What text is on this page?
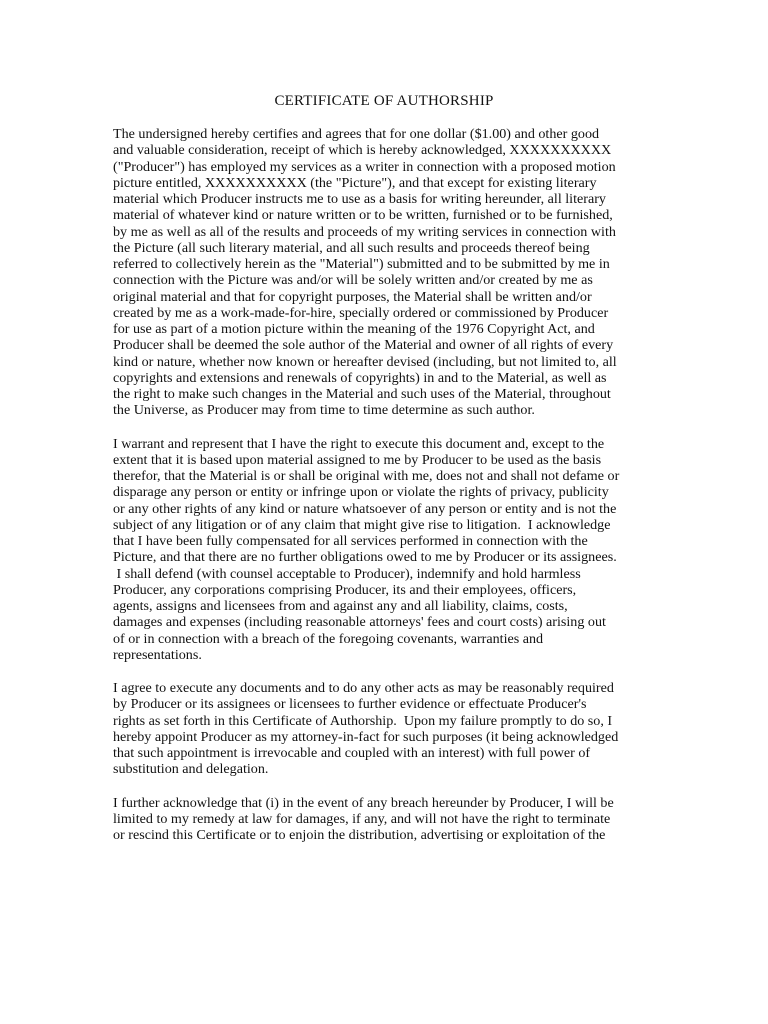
CERTIFICATE OF AUTHORSHIP
The undersigned hereby certifies and agrees that for one dollar ($1.00) and other good
and valuable consideration, receipt of which is hereby acknowledged, XXXXXXXXXX
("Producer") has employed my services as a writer in connection with a proposed motion
picture entitled, XXXXXXXXXX (the "Picture"), and that except for existing literary
material which Producer instructs me to use as a basis for writing hereunder, all literary
material of whatever kind or nature written or to be written, furnished or to be furnished,
by me as well as all of the results and proceeds of my writing services in connection with
the Picture (all such literary material, and all such results and proceeds thereof being
referred to collectively herein as the "Material") submitted and to be submitted by me in
connection with the Picture was and/or will be solely written and/or created by me as
original material and that for copyright purposes, the Material shall be written and/or
created by me as a work-made-for-hire, specially ordered or commissioned by Producer
for use as part of a motion picture within the meaning of the 1976 Copyright Act, and
Producer shall be deemed the sole author of the Material and owner of all rights of every
kind or nature, whether now known or hereafter devised (including, but not limited to, all
copyrights and extensions and renewals of copyrights) in and to the Material, as well as
the right to make such changes in the Material and such uses of the Material, throughout
the Universe, as Producer may from time to time determine as such author.
I warrant and represent that I have the right to execute this document and, except to the
extent that it is based upon material assigned to me by Producer to be used as the basis
therefor, that the Material is or shall be original with me, does not and shall not defame or
disparage any person or entity or infringe upon or violate the rights of privacy, publicity
or any other rights of any kind or nature whatsoever of any person or entity and is not the
subject of any litigation or of any claim that might give rise to litigation.  I acknowledge
that I have been fully compensated for all services performed in connection with the
Picture, and that there are no further obligations owed to me by Producer or its assignees.
I shall defend (with counsel acceptable to Producer), indemnify and hold harmless
Producer, any corporations comprising Producer, its and their employees, officers,
agents, assigns and licensees from and against any and all liability, claims, costs,
damages and expenses (including reasonable attorneys' fees and court costs) arising out
of or in connection with a breach of the foregoing covenants, warranties and
representations.
I agree to execute any documents and to do any other acts as may be reasonably required
by Producer or its assignees or licensees to further evidence or effectuate Producer's
rights as set forth in this Certificate of Authorship.  Upon my failure promptly to do so, I
hereby appoint Producer as my attorney-in-fact for such purposes (it being acknowledged
that such appointment is irrevocable and coupled with an interest) with full power of
substitution and delegation.
I further acknowledge that (i) in the event of any breach hereunder by Producer, I will be
limited to my remedy at law for damages, if any, and will not have the right to terminate
or rescind this Certificate or to enjoin the distribution, advertising or exploitation of the
